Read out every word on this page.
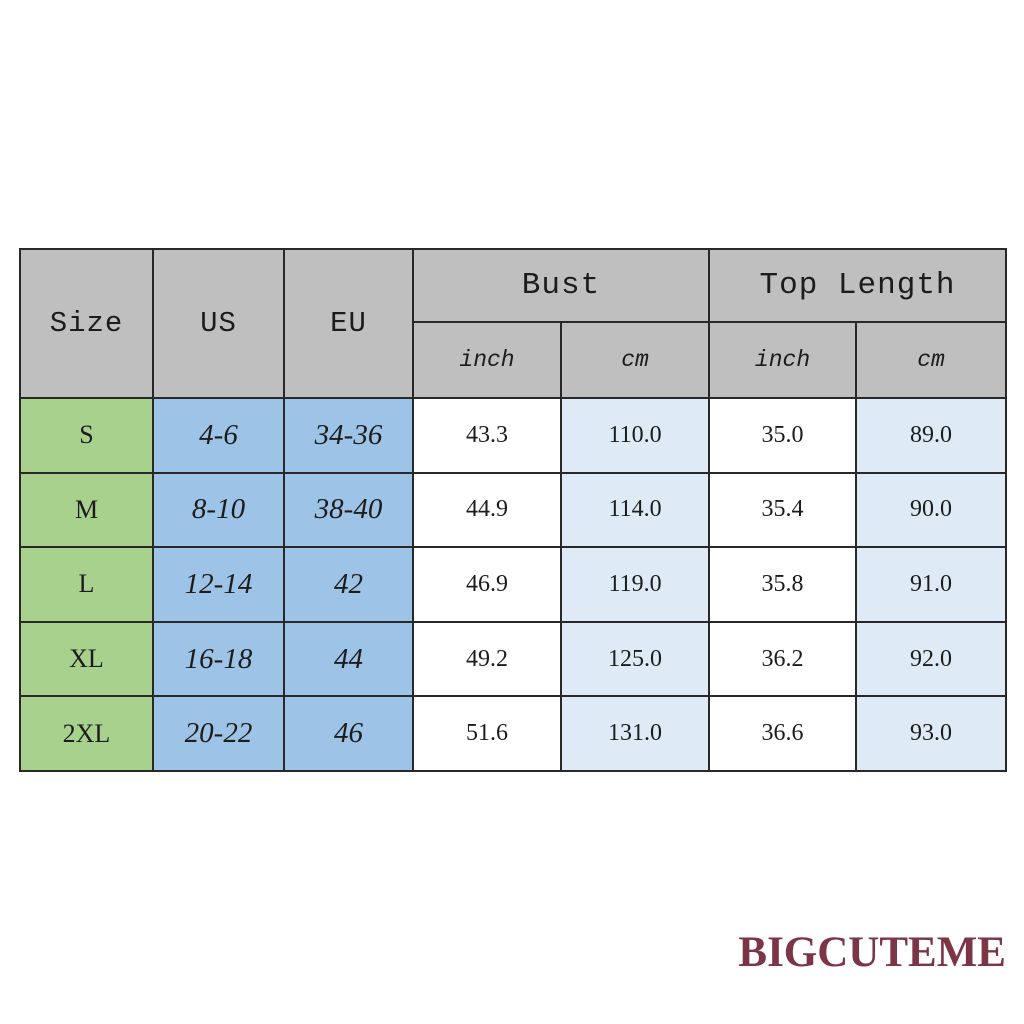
Size	US	EU	Bust		Top Length	
			inch	cm	inch	cm
S	4-6	34-36	43.3	110.0	35.0	89.0
M	8-10	38-40	44.9	114.0	35.4	90.0
L	12-14	42	46.9	119.0	35.8	91.0
XL	16-18	44	49.2	125.0	36.2	92.0
2XL	20-22	46	51.6	131.0	36.6	93.0
BIGCUTEME
